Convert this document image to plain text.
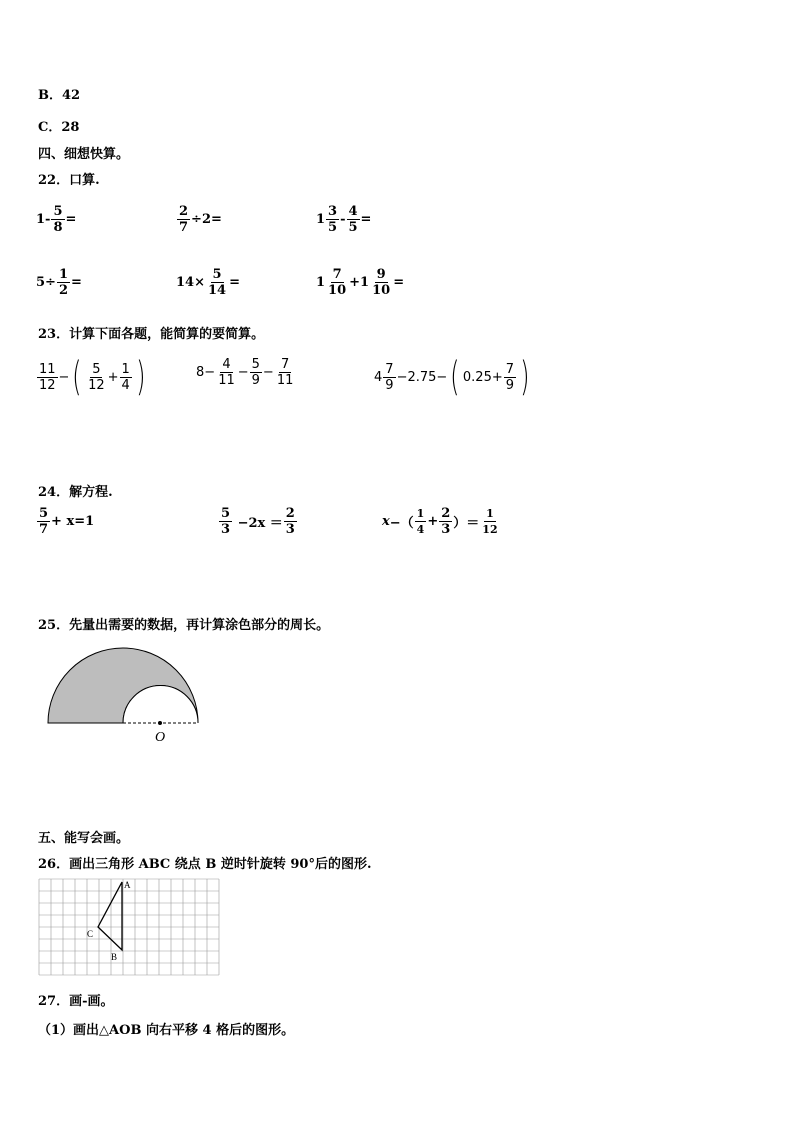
B．42
C．28
四、细想快算。
22．口算.
$1 - \frac{5}{8}$ =	$\frac{2}{7} \div 2=$	$1 \frac{3}{5} - \frac{4}{5}$ =
$5 \div \frac{1}{2}$ =	$14 \times \frac{5}{14}$ =	$1 \frac{7}{10} +1 \frac{9}{10}$ =
23．计算下面各题，能简算的要简算。
$\frac{11}{12}$ − ( $\frac{5}{12} + \frac{1}{4}$ )	$8 - \frac{4}{11} - \frac{5}{9} - \frac{7}{11}$	$4 \frac{7}{9} -2.75-$ ( $0.25+ \frac{7}{9}$ )
24．解方程.
$\frac{5}{7} + x=1$	$\frac{5}{3} -2x = \frac{2}{3}$	x −（ $\frac{1}{4} + \frac{2}{3}$ ）＝ $\frac{1}{12}$
25．先量出需要的数据，再计算涂色部分的周长。
O
五、能写会画。
26．画出三角形 ABC 绕点 B 逆时针旋转 90°后的图形.
A
B
C
27．画-画。
（1）画出△AOB 向右平移 4 格后的图形。
